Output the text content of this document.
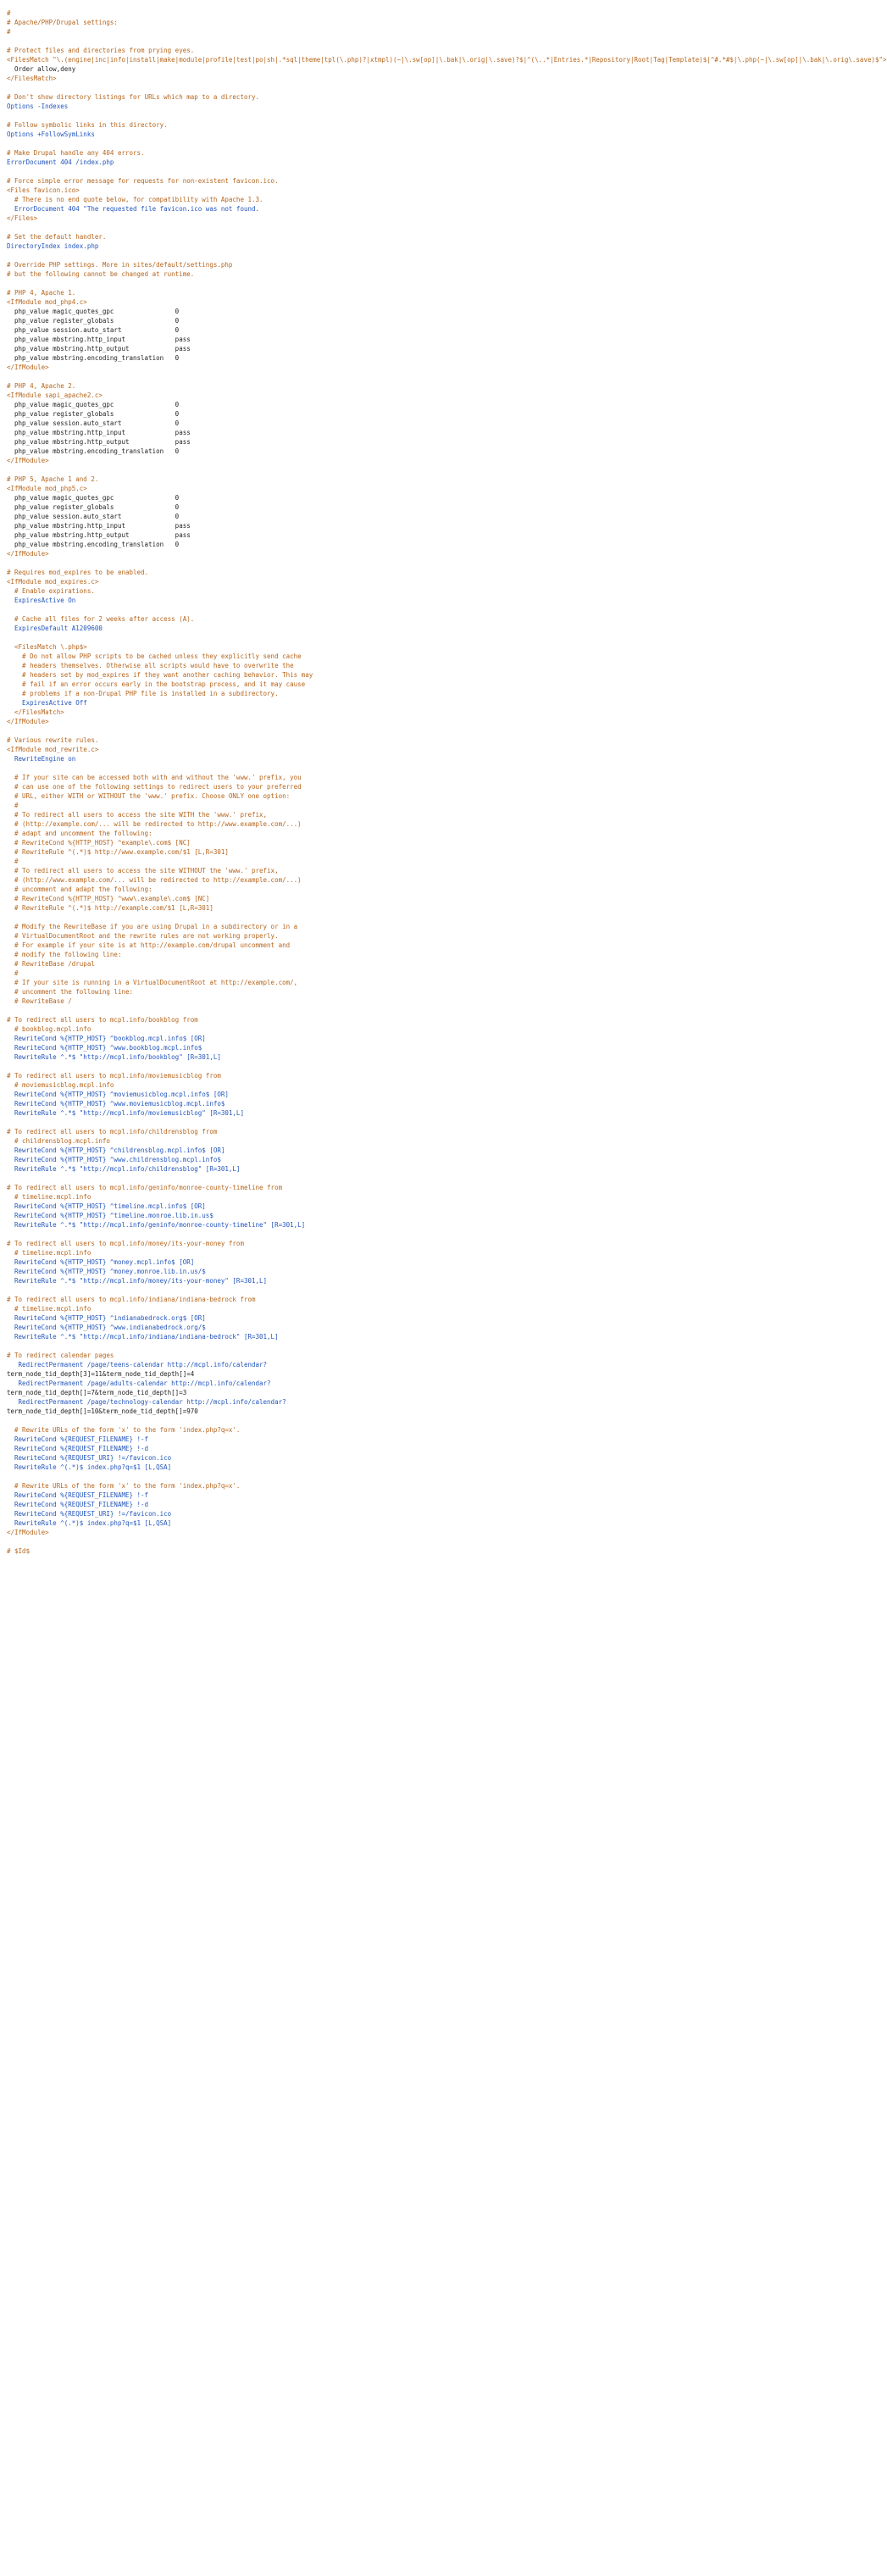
#
# Apache/PHP/Drupal settings:
#
# Protect files and directories from prying eyes.
<FilesMatch "\.(engine|inc|info|install|make|module|profile|test|po|sh|.*sql|theme|tpl(\.php)?|xtmpl)(~|\.sw[op]|\.bak|\.orig|\.save)?$|^(\..*|Entries.*|Repository|Root|Tag|Template)$|^#.*#$|\.php(~|\.sw[op]|\.bak|\.orig\.save)$">
Order allow,deny
</FilesMatch>
# Don't show directory listings for URLs which map to a directory.
Options -Indexes
# Follow symbolic links in this directory.
Options +FollowSymLinks
# Make Drupal handle any 404 errors.
ErrorDocument 404 /index.php
# Force simple error message for requests for non-existent favicon.ico.
<Files favicon.ico>
# There is no end quote below, for compatibility with Apache 1.3.
ErrorDocument 404 "The requested file favicon.ico was not found.
</Files>
# Set the default handler.
DirectoryIndex index.php
# Override PHP settings. More in sites/default/settings.php
# but the following cannot be changed at runtime.
# PHP 4, Apache 1.
<IfModule mod_php4.c>
php_value magic_quotes_gpc                0
php_value register_globals                0
php_value session.auto_start              0
php_value mbstring.http_input             pass
php_value mbstring.http_output            pass
php_value mbstring.encoding_translation   0
</IfModule>
# PHP 4, Apache 2.
<IfModule sapi_apache2.c>
php_value magic_quotes_gpc                0
php_value register_globals                0
php_value session.auto_start              0
php_value mbstring.http_input             pass
php_value mbstring.http_output            pass
php_value mbstring.encoding_translation   0
</IfModule>
# PHP 5, Apache 1 and 2.
<IfModule mod_php5.c>
php_value magic_quotes_gpc                0
php_value register_globals                0
php_value session.auto_start              0
php_value mbstring.http_input             pass
php_value mbstring.http_output            pass
php_value mbstring.encoding_translation   0
</IfModule>
# Requires mod_expires to be enabled.
<IfModule mod_expires.c>
# Enable expirations.
ExpiresActive On
# Cache all files for 2 weeks after access (A).
ExpiresDefault A1209600
<FilesMatch \.php$>
# Do not allow PHP scripts to be cached unless they explicitly send cache
# headers themselves. Otherwise all scripts would have to overwrite the
# headers set by mod_expires if they want another caching behavior. This may
# fail if an error occurs early in the bootstrap process, and it may cause
# problems if a non-Drupal PHP file is installed in a subdirectory.
ExpiresActive Off
</FilesMatch>
</IfModule>
# Various rewrite rules.
<IfModule mod_rewrite.c>
RewriteEngine on
# If your site can be accessed both with and without the 'www.' prefix, you
# can use one of the following settings to redirect users to your preferred
# URL, either WITH or WITHOUT the 'www.' prefix. Choose ONLY one option:
#
# To redirect all users to access the site WITH the 'www.' prefix,
# (http://example.com/... will be redirected to http://www.example.com/...)
# adapt and uncomment the following:
# RewriteCond %{HTTP_HOST} ^example\.com$ [NC]
# RewriteRule ^(.*)$ http://www.example.com/$1 [L,R=301]
#
# To redirect all users to access the site WITHOUT the 'www.' prefix,
# (http://www.example.com/... will be redirected to http://example.com/...)
# uncomment and adapt the following:
# RewriteCond %{HTTP_HOST} ^www\.example\.com$ [NC]
# RewriteRule ^(.*)$ http://example.com/$1 [L,R=301]
# Modify the RewriteBase if you are using Drupal in a subdirectory or in a
# VirtualDocumentRoot and the rewrite rules are not working properly.
# For example if your site is at http://example.com/drupal uncomment and
# modify the following line:
# RewriteBase /drupal
#
# If your site is running in a VirtualDocumentRoot at http://example.com/,
# uncomment the following line:
# RewriteBase /
# To redirect all users to mcpl.info/bookblog from
# bookblog.mcpl.info
RewriteCond %{HTTP_HOST} ^bookblog.mcpl.info$ [OR]
RewriteCond %{HTTP_HOST} ^www.bookblog.mcpl.info$
RewriteRule ^.*$ "http://mcpl.info/bookblog" [R=301,L]
# To redirect all users to mcpl.info/moviemusicblog from
# moviemusicblog.mcpl.info
RewriteCond %{HTTP_HOST} ^moviemusicblog.mcpl.info$ [OR]
RewriteCond %{HTTP_HOST} ^www.moviemusicblog.mcpl.info$
RewriteRule ^.*$ "http://mcpl.info/moviemusicblog" [R=301,L]
# To redirect all users to mcpl.info/childrensblog from
# childrensblog.mcpl.info
RewriteCond %{HTTP_HOST} ^childrensblog.mcpl.info$ [OR]
RewriteCond %{HTTP_HOST} ^www.childrensblog.mcpl.info$
RewriteRule ^.*$ "http://mcpl.info/childrensblog" [R=301,L]
# To redirect all users to mcpl.info/geninfo/monroe-county-timeline from
# timeline.mcpl.info
RewriteCond %{HTTP_HOST} ^timeline.mcpl.info$ [OR]
RewriteCond %{HTTP_HOST} ^timeline.monroe.lib.in.us$
RewriteRule ^.*$ "http://mcpl.info/geninfo/monroe-county-timeline" [R=301,L]
# To redirect all users to mcpl.info/money/its-your-money from
# timeline.mcpl.info
RewriteCond %{HTTP_HOST} ^money.mcpl.info$ [OR]
RewriteCond %{HTTP_HOST} ^money.monroe.lib.in.us/$
RewriteRule ^.*$ "http://mcpl.info/money/its-your-money" [R=301,L]
# To redirect all users to mcpl.info/indiana/indiana-bedrock from
# timeline.mcpl.info
RewriteCond %{HTTP_HOST} ^indianabedrock.org$ [OR]
RewriteCond %{HTTP_HOST} ^www.indianabedrock.org/$
RewriteRule ^.*$ "http://mcpl.info/indiana/indiana-bedrock" [R=301,L]
# To redirect calendar pages
RedirectPermanent /page/teens-calendar http://mcpl.info/calendar?
term_node_tid_depth[3]=11&term_node_tid_depth[]=4
RedirectPermanent /page/adults-calendar http://mcpl.info/calendar?
term_node_tid_depth[]=7&term_node_tid_depth[]=3
RedirectPermanent /page/technology-calendar http://mcpl.info/calendar?
term_node_tid_depth[]=10&term_node_tid_depth[]=970
# Rewrite URLs of the form 'x' to the form 'index.php?q=x'.
RewriteCond %{REQUEST_FILENAME} !-f
RewriteCond %{REQUEST_FILENAME} !-d
RewriteCond %{REQUEST_URI} !=/favicon.ico
RewriteRule ^(.*)$ index.php?q=$1 [L,QSA]
# Rewrite URLs of the form 'x' to the form 'index.php?q=x'.
RewriteCond %{REQUEST_FILENAME} !-f
RewriteCond %{REQUEST_FILENAME} !-d
RewriteCond %{REQUEST_URI} !=/favicon.ico
RewriteRule ^(.*)$ index.php?q=$1 [L,QSA]
</IfModule>
# $Id$
